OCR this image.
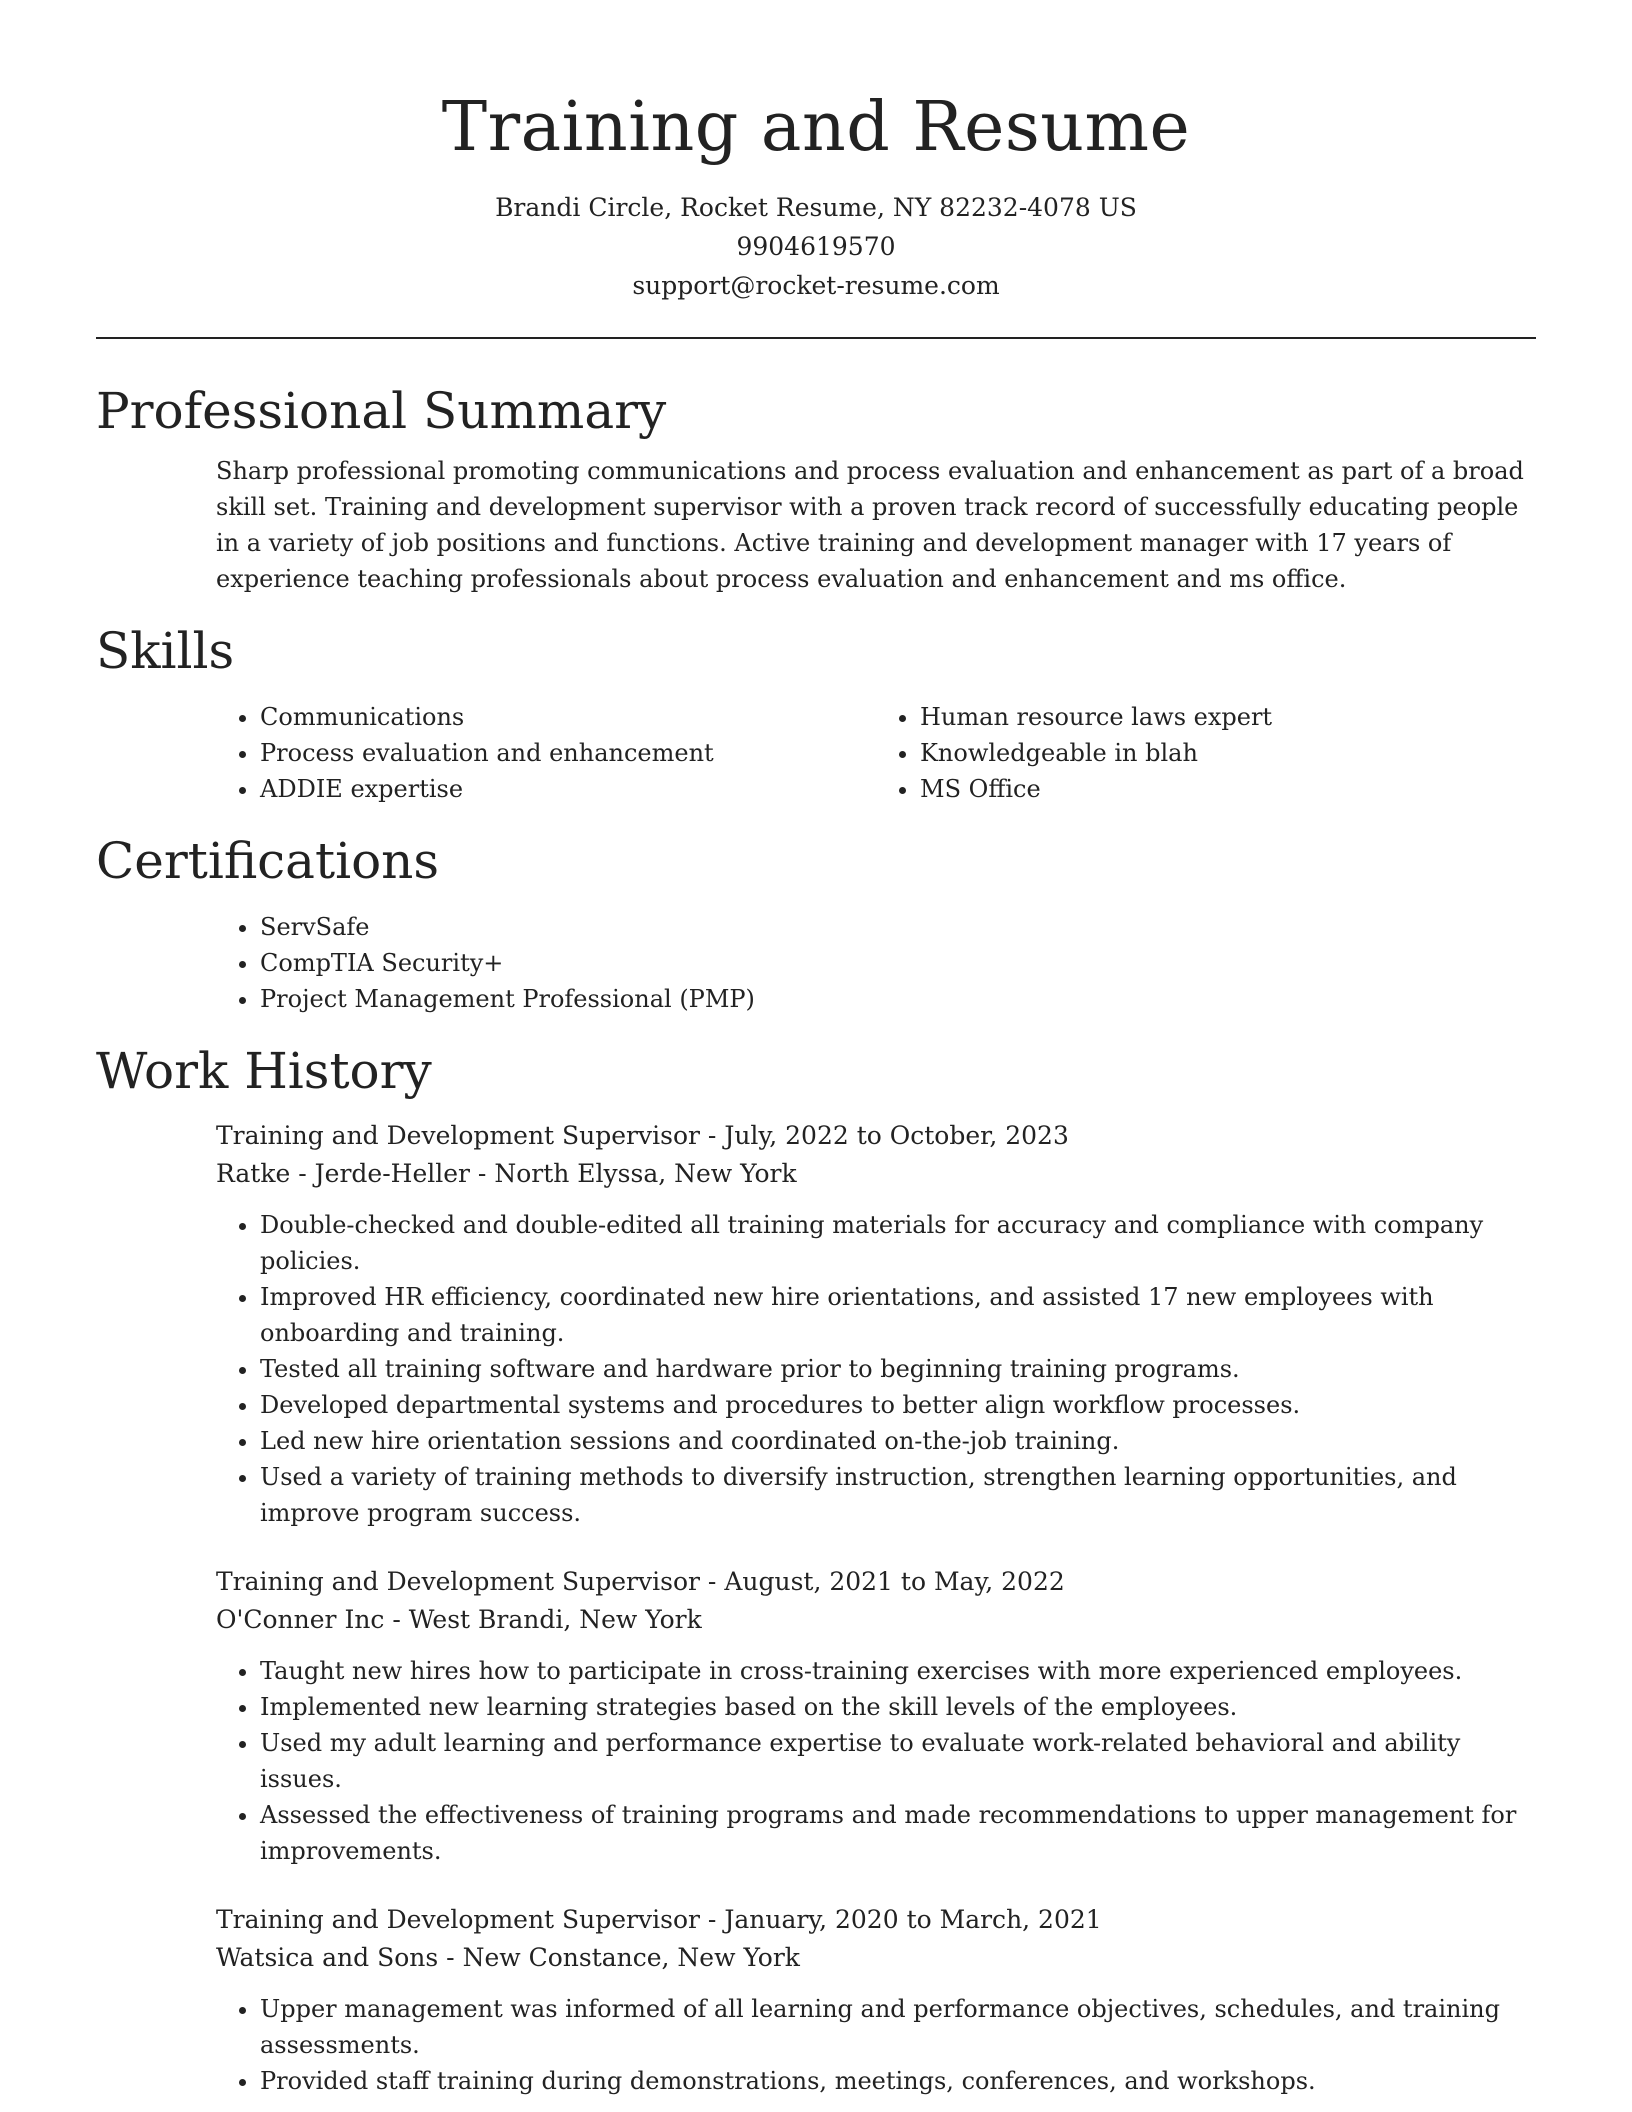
Training and Resume
Brandi Circle, Rocket Resume, NY 82232-4078 US
9904619570
support@rocket-resume.com
Professional Summary
Sharp professional promoting communications and process evaluation and enhancement as part of a broad skill set. Training and development supervisor with a proven track record of successfully educating people in a variety of job positions and functions. Active training and development manager with 17 years of experience teaching professionals about process evaluation and enhancement and ms office.
Skills
• Communications
• Process evaluation and enhancement
• ADDIE expertise
• Human resource laws expert
• Knowledgeable in blah
• MS Office
Certifications
• ServSafe
• CompTIA Security+
• Project Management Professional (PMP)
Work History
Training and Development Supervisor - July, 2022 to October, 2023
Ratke - Jerde-Heller - North Elyssa, New York
• Double-checked and double-edited all training materials for accuracy and compliance with company policies.
• Improved HR efficiency, coordinated new hire orientations, and assisted 17 new employees with onboarding and training.
• Tested all training software and hardware prior to beginning training programs.
• Developed departmental systems and procedures to better align workflow processes.
• Led new hire orientation sessions and coordinated on-the-job training.
• Used a variety of training methods to diversify instruction, strengthen learning opportunities, and improve program success.
Training and Development Supervisor - August, 2021 to May, 2022
O'Conner Inc - West Brandi, New York
• Taught new hires how to participate in cross-training exercises with more experienced employees.
• Implemented new learning strategies based on the skill levels of the employees.
• Used my adult learning and performance expertise to evaluate work-related behavioral and ability issues.
• Assessed the effectiveness of training programs and made recommendations to upper management for improvements.
Training and Development Supervisor - January, 2020 to March, 2021
Watsica and Sons - New Constance, New York
• Upper management was informed of all learning and performance objectives, schedules, and training assessments.
• Provided staff training during demonstrations, meetings, conferences, and workshops.
